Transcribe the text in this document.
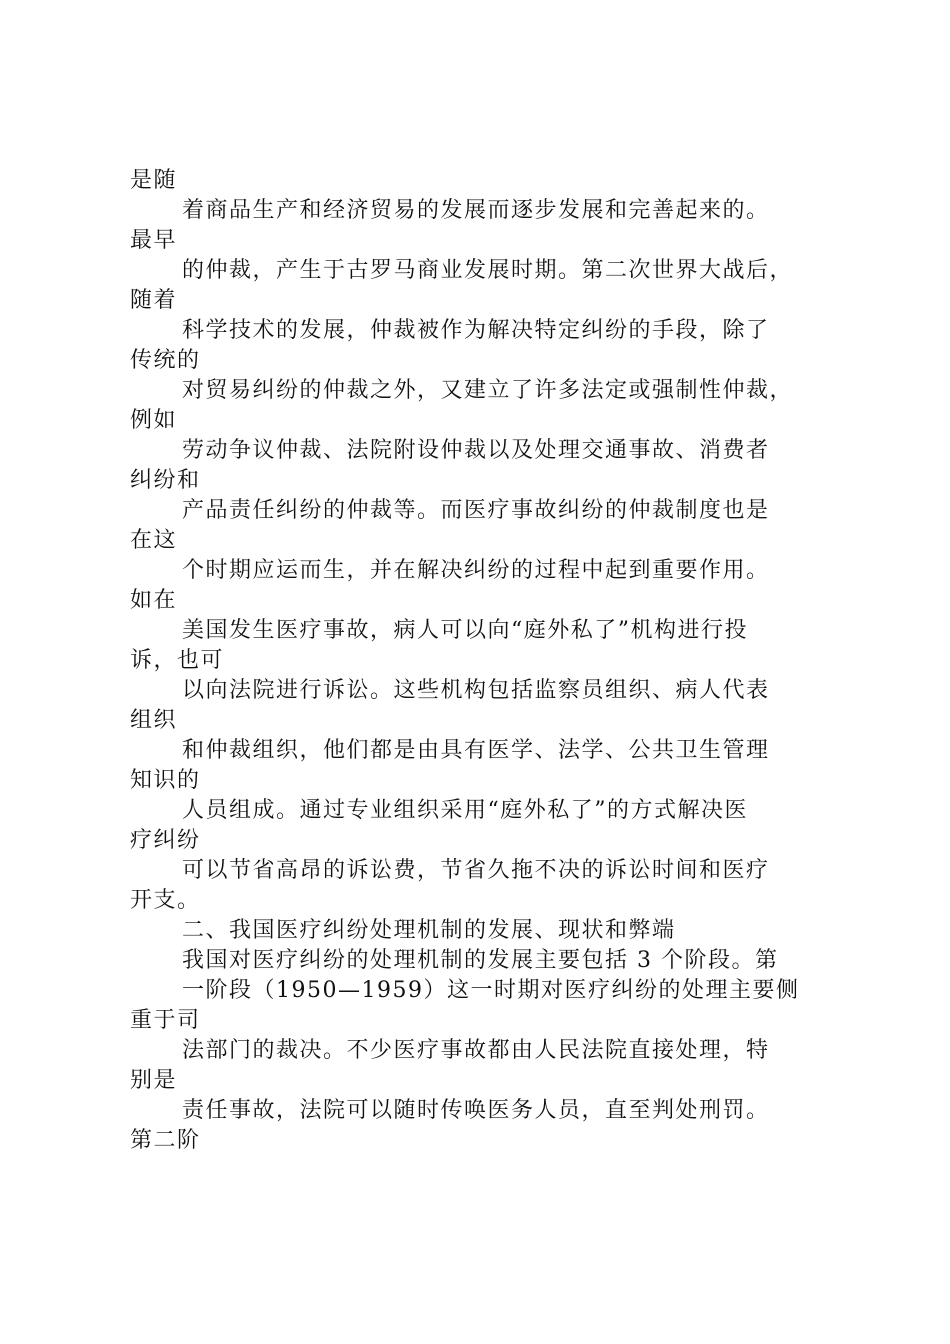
是随
着商品生产和经济贸易的发展而逐步发展和完善起来的。
最早
的仲裁，产生于古罗马商业发展时期。第二次世界大战后，
随着
科学技术的发展，仲裁被作为解决特定纠纷的手段，除了
传统的
对贸易纠纷的仲裁之外，又建立了许多法定或强制性仲裁，
例如
劳动争议仲裁、法院附设仲裁以及处理交通事故、消费者
纠纷和
产品责任纠纷的仲裁等。而医疗事故纠纷的仲裁制度也是
在这
个时期应运而生，并在解决纠纷的过程中起到重要作用。
如在
美国发生医疗事故，病人可以向“庭外私了”机构进行投
诉，也可
以向法院进行诉讼。这些机构包括监察员组织、病人代表
组织
和仲裁组织，他们都是由具有医学、法学、公共卫生管理
知识的
人员组成。通过专业组织采用“庭外私了”的方式解决医
疗纠纷
可以节省高昂的诉讼费，节省久拖不决的诉讼时间和医疗
开支。
二、我国医疗纠纷处理机制的发展、现状和弊端
我国对医疗纠纷的处理机制的发展主要包括 3 个阶段。第
一阶段（1950—1959）这一时期对医疗纠纷的处理主要侧
重于司
法部门的裁决。不少医疗事故都由人民法院直接处理，特
别是
责任事故，法院可以随时传唤医务人员，直至判处刑罚。
第二阶
